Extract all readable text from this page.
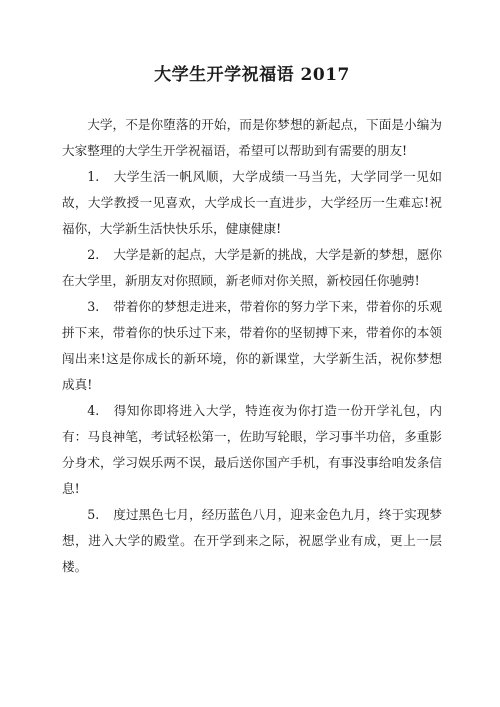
大学生开学祝福语 2017

大学，不是你堕落的开始，而是你梦想的新起点，下面是小编为大家整理的大学生开学祝福语，希望可以帮助到有需要的朋友!

1. 大学生活一帆风顺，大学成绩一马当先，大学同学一见如故，大学教授一见喜欢，大学成长一直进步，大学经历一生难忘!祝福你，大学新生活快快乐乐，健康健康!

2. 大学是新的起点，大学是新的挑战，大学是新的梦想，愿你在大学里，新朋友对你照顾，新老师对你关照，新校园任你驰骋!

3. 带着你的梦想走进来，带着你的努力学下来，带着你的乐观拼下来，带着你的快乐过下来，带着你的坚韧搏下来，带着你的本领闯出来!这是你成长的新环境，你的新课堂，大学新生活，祝你梦想成真!

4. 得知你即将进入大学，特连夜为你打造一份开学礼包，内有：马良神笔，考试轻松第一，佐助写轮眼，学习事半功倍，多重影分身术，学习娱乐两不误，最后送你国产手机，有事没事给咱发条信息!

5. 度过黑色七月，经历蓝色八月，迎来金色九月，终于实现梦想，进入大学的殿堂。在开学到来之际，祝愿学业有成，更上一层楼。
